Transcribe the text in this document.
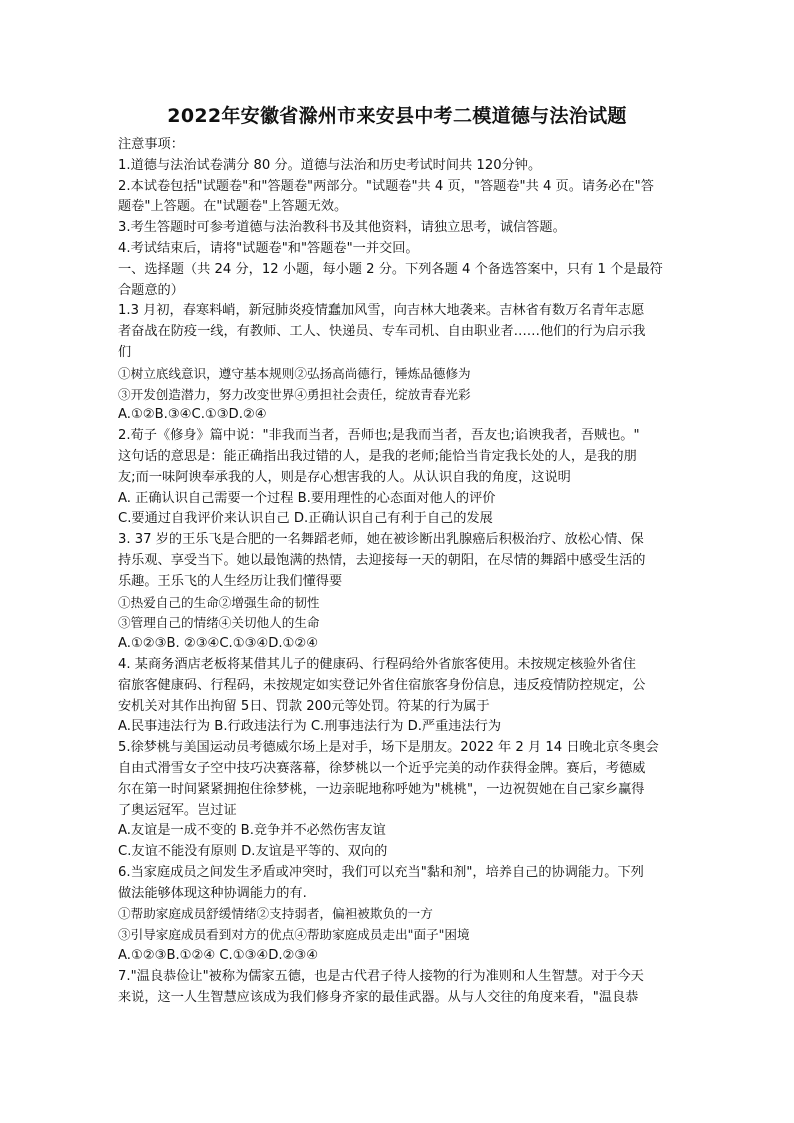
2022年安徽省滁州市来安县中考二模道德与法治试题

注意事项：

1.道德与法治试卷满分 80 分。道德与法治和历史考试时间共 120分钟。

2.本试卷包括"试题卷"和"答题卷"两部分。"试题卷"共 4 页，"答题卷"共 4 页。请务必在"答

题卷"上答题。在"试题卷"上答题无效。

3.考生答题时可参考道德与法治教科书及其他资料，请独立思考，诚信答题。

4.考试结束后，请将"试题卷"和"答题卷"一并交回。

一、选择题（共 24 分，12 小题，每小题 2 分。下列各题 4 个备选答案中，只有 1 个是最符

合题意的）

1.3 月初，春寒料峭，新冠肺炎疫情蠢加风雪，向吉林大地袭来。吉林省有数万名青年志愿

者奋战在防疫一线，有教师、工人、快递员、专车司机、自由职业者……他们的行为启示我

们

①树立底线意识，遵守基本规则②弘扬高尚德行，锤炼品德修为

③开发创造潜力，努力改变世界④勇担社会责任，绽放青春光彩

A.①②B.③④C.①③D.②④

2.荀子《修身》篇中说："非我而当者，吾师也;是我而当者，吾友也;谄谀我者，吾贼也。"

这句话的意思是：能正确指出我过错的人，是我的老师;能恰当肯定我长处的人，是我的朋

友;而一味阿谀奉承我的人，则是存心想害我的人。从认识自我的角度，这说明

A. 正确认识自己需要一个过程 B.要用理性的心态面对他人的评价

C.要通过自我评价来认识自己 D.正确认识自己有利于自己的发展

3. 37 岁的王乐飞是合肥的一名舞蹈老师，她在被诊断出乳腺癌后积极治疗、放松心情、保

持乐观、享受当下。她以最饱满的热情，去迎接每一天的朝阳，在尽情的舞蹈中感受生活的

乐趣。王乐飞的人生经历让我们懂得要

①热爱自己的生命②增强生命的韧性

③管理自己的情绪④关切他人的生命

A.①②③B. ②③④C.①③④D.①②④

4. 某商务酒店老板将某借其儿子的健康码、行程码给外省旅客使用。未按规定核验外省住

宿旅客健康码、行程码，未按规定如实登记外省住宿旅客身份信息，违反疫情防控规定，公

安机关对其作出拘留 5日、罚款 200元等处罚。符某的行为属于

A.民事违法行为 B.行政违法行为 C.刑事违法行为 D.严重违法行为

5.徐梦桃与美国运动员考德威尔场上是对手，场下是朋友。2022 年 2 月 14 日晚北京冬奥会

自由式滑雪女子空中技巧决赛落幕，徐梦桃以一个近乎完美的动作获得金牌。赛后，考德威

尔在第一时间紧紧拥抱住徐梦桃，一边亲昵地称呼她为"桃桃"，一边祝贺她在自己家乡赢得

了奥运冠军。岂过证

A.友谊是一成不变的 B.竞争并不必然伤害友谊

C.友谊不能没有原则 D.友谊是平等的、双向的

6.当家庭成员之间发生矛盾或冲突时，我们可以充当"黏和剂"，培养自己的协调能力。下列

做法能够体现这种协调能力的有.

①帮助家庭成员舒缓情绪②支持弱者，偏袒被欺负的一方

③引导家庭成员看到对方的优点④帮助家庭成员走出"面子"困境

A.①②③B.①②④ C.①③④D.②③④

7."温良恭俭让"被称为儒家五德，也是古代君子待人接物的行为准则和人生智慧。对于今天

来说，这一人生智慧应该成为我们修身齐家的最佳武器。从与人交往的角度来看，"温良恭
